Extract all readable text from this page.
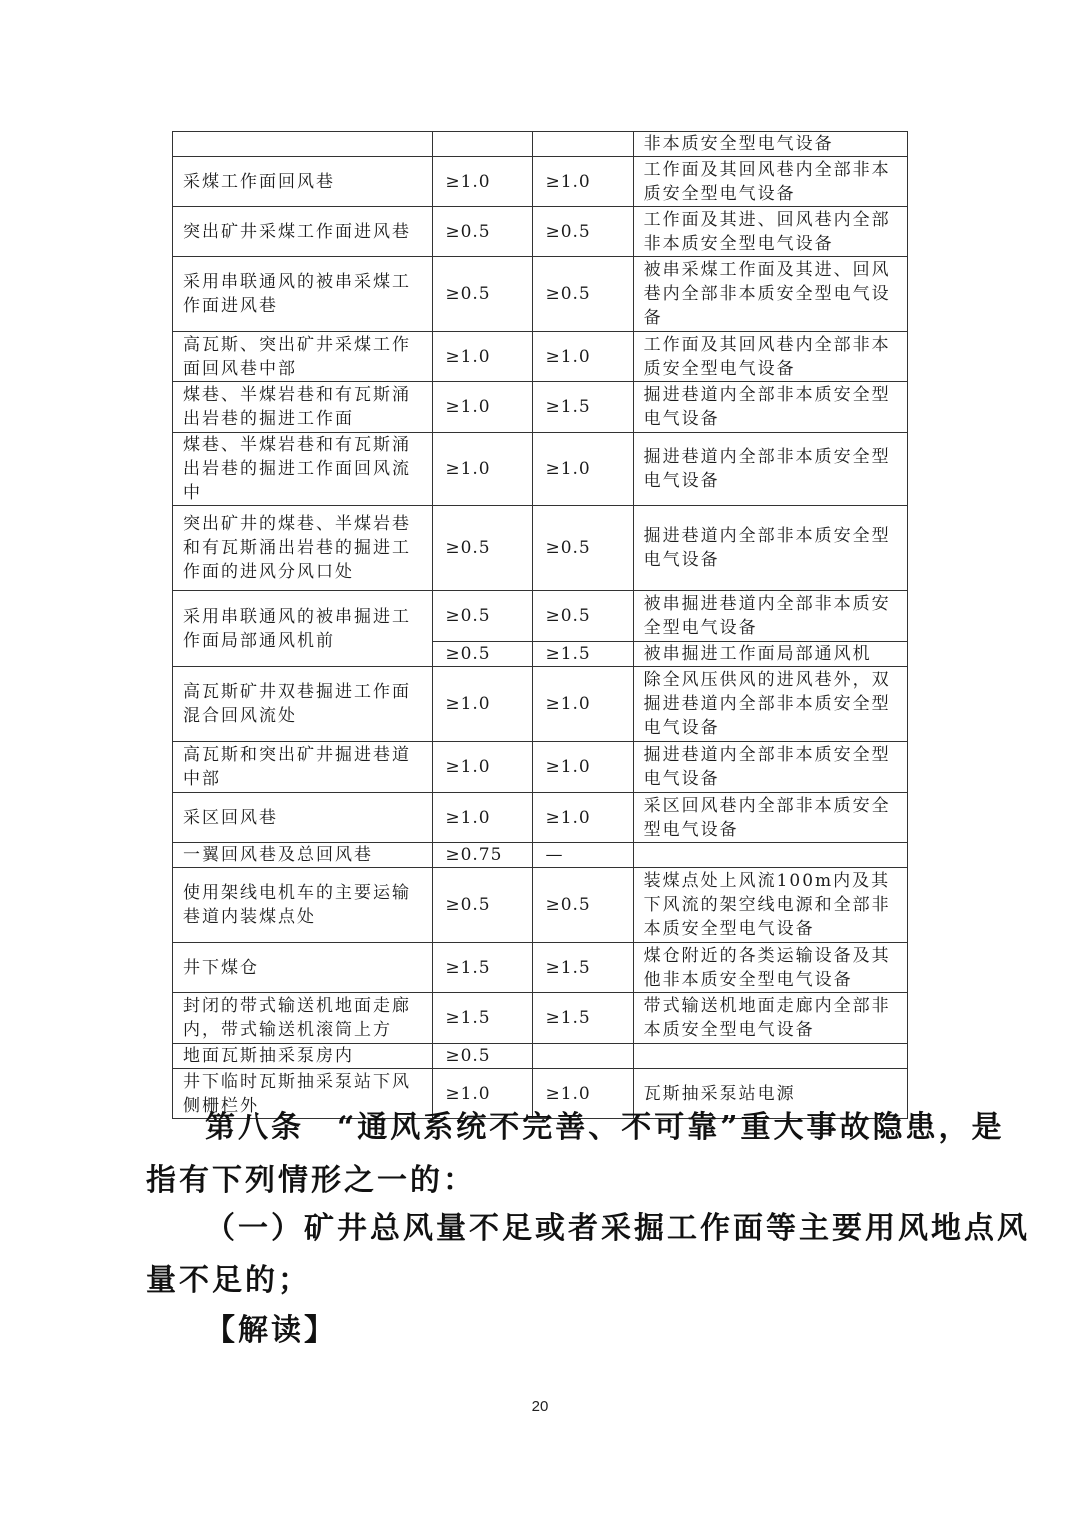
			非本质安全型电气设备
采煤工作面回风巷	≥1.0	≥1.0	工作面及其回风巷内全部非本质安全型电气设备
突出矿井采煤工作面进风巷	≥0.5	≥0.5	工作面及其进、回风巷内全部非本质安全型电气设备
采用串联通风的被串采煤工作面进风巷	≥0.5	≥0.5	被串采煤工作面及其进、回风巷内全部非本质安全型电气设备
高瓦斯、突出矿井采煤工作面回风巷中部	≥1.0	≥1.0	工作面及其回风巷内全部非本质安全型电气设备
煤巷、半煤岩巷和有瓦斯涌出岩巷的掘进工作面	≥1.0	≥1.5	掘进巷道内全部非本质安全型电气设备
煤巷、半煤岩巷和有瓦斯涌出岩巷的掘进工作面回风流中	≥1.0	≥1.0	掘进巷道内全部非本质安全型电气设备
突出矿井的煤巷、半煤岩巷和有瓦斯涌出岩巷的掘进工作面的进风分风口处	≥0.5	≥0.5	掘进巷道内全部非本质安全型电气设备
采用串联通风的被串掘进工作面局部通风机前	≥0.5	≥0.5	被串掘进巷道内全部非本质安全型电气设备
	≥0.5	≥1.5	被串掘进工作面局部通风机
高瓦斯矿井双巷掘进工作面混合回风流处	≥1.0	≥1.0	除全风压供风的进风巷外，双掘进巷道内全部非本质安全型电气设备
高瓦斯和突出矿井掘进巷道中部	≥1.0	≥1.0	掘进巷道内全部非本质安全型电气设备
采区回风巷	≥1.0	≥1.0	采区回风巷内全部非本质安全型电气设备
一翼回风巷及总回风巷	≥0.75	—	
使用架线电机车的主要运输巷道内装煤点处	≥0.5	≥0.5	装煤点处上风流100m内及其下风流的架空线电源和全部非本质安全型电气设备
井下煤仓	≥1.5	≥1.5	煤仓附近的各类运输设备及其他非本质安全型电气设备
封闭的带式输送机地面走廊内，带式输送机滚筒上方	≥1.5	≥1.5	带式输送机地面走廊内全部非本质安全型电气设备
地面瓦斯抽采泵房内	≥0.5		
井下临时瓦斯抽采泵站下风侧栅栏外	≥1.0	≥1.0	瓦斯抽采泵站电源
第八条　“通风系统不完善、不可靠”重大事故隐患，是
指有下列情形之一的：
（一）矿井总风量不足或者采掘工作面等主要用风地点风
量不足的；
【解读】
20
